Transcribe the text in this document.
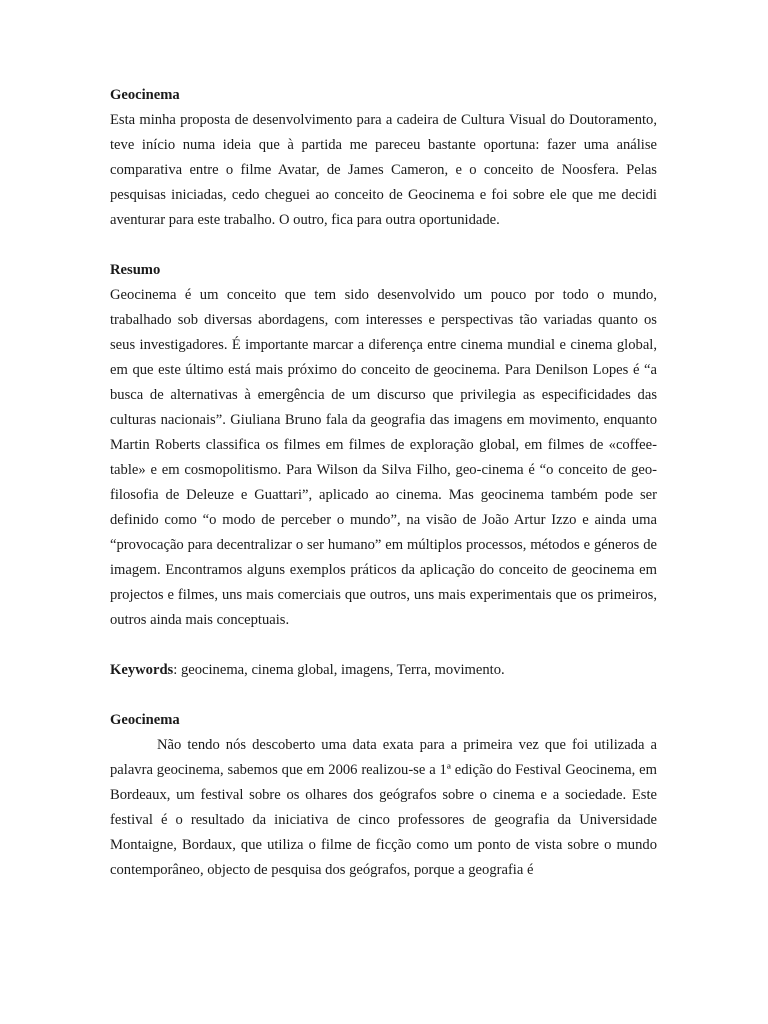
Geocinema

Esta minha proposta de desenvolvimento para a cadeira de Cultura Visual do Doutoramento, teve início numa ideia que à partida me pareceu bastante oportuna: fazer uma análise comparativa entre o filme Avatar, de James Cameron, e o conceito de Noosfera. Pelas pesquisas iniciadas, cedo cheguei ao conceito de Geocinema e foi sobre ele que me decidi aventurar para este trabalho. O outro, fica para outra oportunidade.

Resumo

Geocinema é um conceito que tem sido desenvolvido um pouco por todo o mundo, trabalhado sob diversas abordagens, com interesses e perspectivas tão variadas quanto os seus investigadores. É importante marcar a diferença entre cinema mundial e cinema global, em que este último está mais próximo do conceito de geocinema. Para Denilson Lopes é “a busca de alternativas à emergência de um discurso que privilegia as especificidades das culturas nacionais”. Giuliana Bruno fala da geografia das imagens em movimento, enquanto Martin Roberts classifica os filmes em filmes de exploração global, em filmes de «coffee-table» e em cosmopolitismo. Para Wilson da Silva Filho, geo-cinema é “o conceito de geo-filosofia de Deleuze e Guattari”, aplicado ao cinema. Mas geocinema também pode ser definido como “o modo de perceber o mundo”, na visão de João Artur Izzo e ainda uma “provocação para decentralizar o ser humano” em múltiplos processos, métodos e géneros de imagem. Encontramos alguns exemplos práticos da aplicação do conceito de geocinema em projectos e filmes, uns mais comerciais que outros, uns mais experimentais que os primeiros, outros ainda mais conceptuais.

Keywords: geocinema, cinema global, imagens, Terra, movimento.

Geocinema

Não tendo nós descoberto uma data exata para a primeira vez que foi utilizada a palavra geocinema, sabemos que em 2006 realizou-se a 1ª edição do Festival Geocinema, em Bordeaux, um festival sobre os olhares dos geógrafos sobre o cinema e a sociedade. Este festival é o resultado da iniciativa de cinco professores de geografia da Universidade Montaigne, Bordaux, que utiliza o filme de ficção como um ponto de vista sobre o mundo contemporâneo, objecto de pesquisa dos geógrafos, porque a geografia é
